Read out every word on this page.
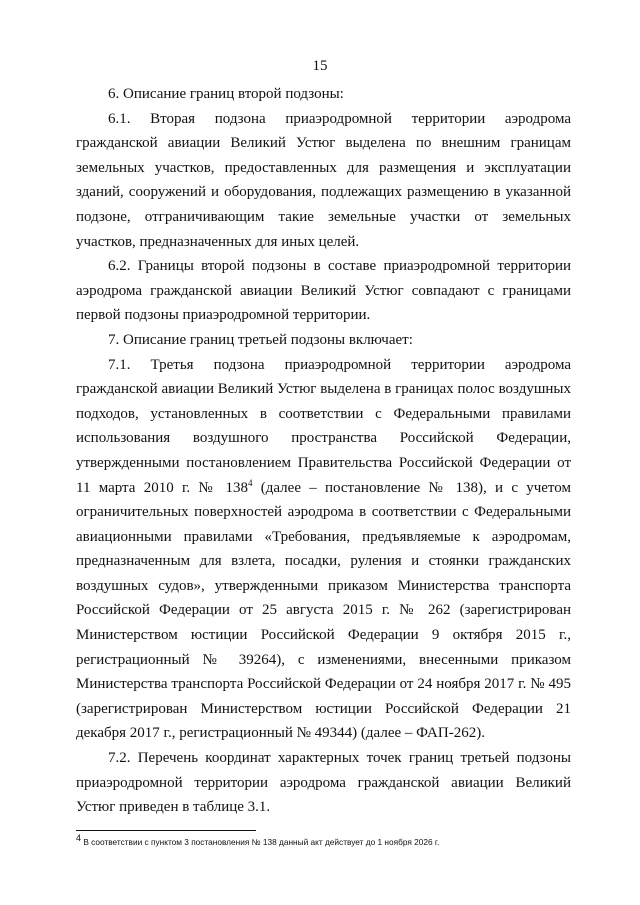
15

6. Описание границ второй подзоны:

6.1. Вторая подзона приаэродромной территории аэродрома гражданской авиации Великий Устюг выделена по внешним границам земельных участков, предоставленных для размещения и эксплуатации зданий, сооружений и оборудования, подлежащих размещению в указанной подзоне, отграничивающим такие земельные участки от земельных участков, предназначенных для иных целей.

6.2. Границы второй подзоны в составе приаэродромной территории аэродрома гражданской авиации Великий Устюг совпадают с границами первой подзоны приаэродромной территории.

7. Описание границ третьей подзоны включает:

7.1. Третья подзона приаэродромной территории аэродрома гражданской авиации Великий Устюг выделена в границах полос воздушных подходов, установленных в соответствии с Федеральными правилами использования воздушного пространства Российской Федерации, утвержденными постановлением Правительства Российской Федерации от 11 марта 2010 г. № $138^4$ (далее – постановление № 138), и с учетом ограничительных поверхностей аэродрома в соответствии с Федеральными авиационными правилами «Требования, предъявляемые к аэродромам, предназначенным для взлета, посадки, руления и стоянки гражданских воздушных судов», утвержденными приказом Министерства транспорта Российской Федерации от 25 августа 2015 г. № 262 (зарегистрирован Министерством юстиции Российской Федерации 9 октября 2015 г., регистрационный № 39264), с изменениями, внесенными приказом Министерства транспорта Российской Федерации от 24 ноября 2017 г. № 495 (зарегистрирован Министерством юстиции Российской Федерации 21 декабря 2017 г., регистрационный № 49344) (далее – ФАП-262).

7.2. Перечень координат характерных точек границ третьей подзоны приаэродромной территории аэродрома гражданской авиации Великий Устюг приведен в таблице 3.1.

$^4$ В соответствии с пунктом 3 постановления № 138 данный акт действует до 1 ноября 2026 г.
